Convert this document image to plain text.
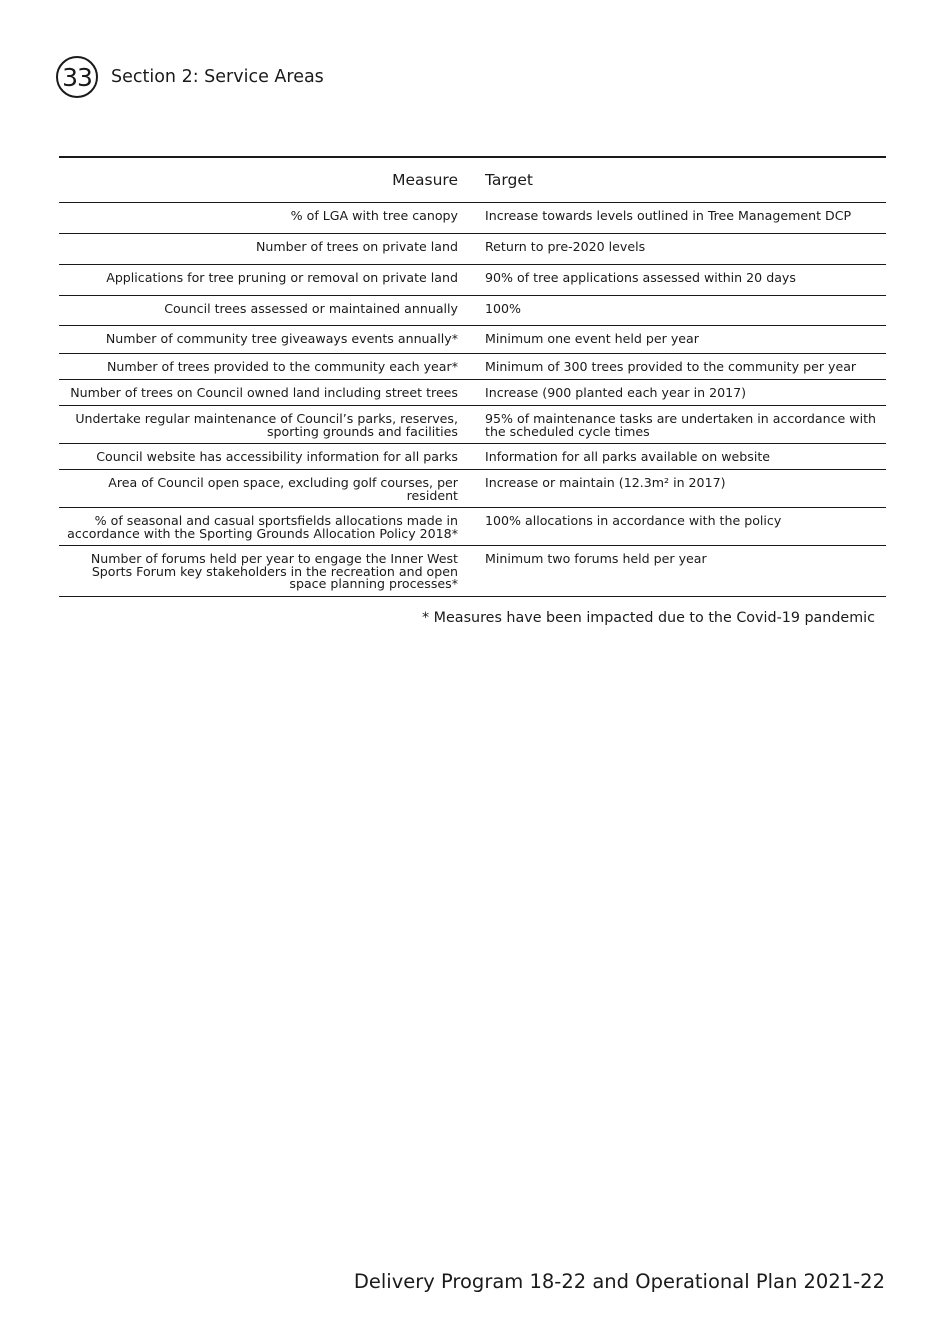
33	Section 2: Service Areas
Measure	Target
% of LGA with tree canopy	Increase towards levels outlined in Tree Management DCP
Number of trees on private land	Return to pre-2020 levels
Applications for tree pruning or removal on private land	90% of tree applications assessed within 20 days
Council trees assessed or maintained annually	100%
Number of community tree giveaways events annually*	Minimum one event held per year
Number of trees provided to the community each year*	Minimum of 300 trees provided to the community per year
Number of trees on Council owned land including street trees	Increase (900 planted each year in 2017)
Undertake regular maintenance of Council’s parks, reserves, sporting grounds and facilities	95% of maintenance tasks are undertaken in accordance with the scheduled cycle times
Council website has accessibility information for all parks	Information for all parks available on website
Area of Council open space, excluding golf courses, per resident	Increase or maintain (12.3m² in 2017)
% of seasonal and casual sportsfields allocations made in accordance with the Sporting Grounds Allocation Policy 2018*	100% allocations in accordance with the policy
Number of forums held per year to engage the Inner West Sports Forum key stakeholders in the recreation and open space planning processes*	Minimum two forums held per year
* Measures have been impacted due to the Covid-19 pandemic
Delivery Program 18-22 and Operational Plan 2021-22
